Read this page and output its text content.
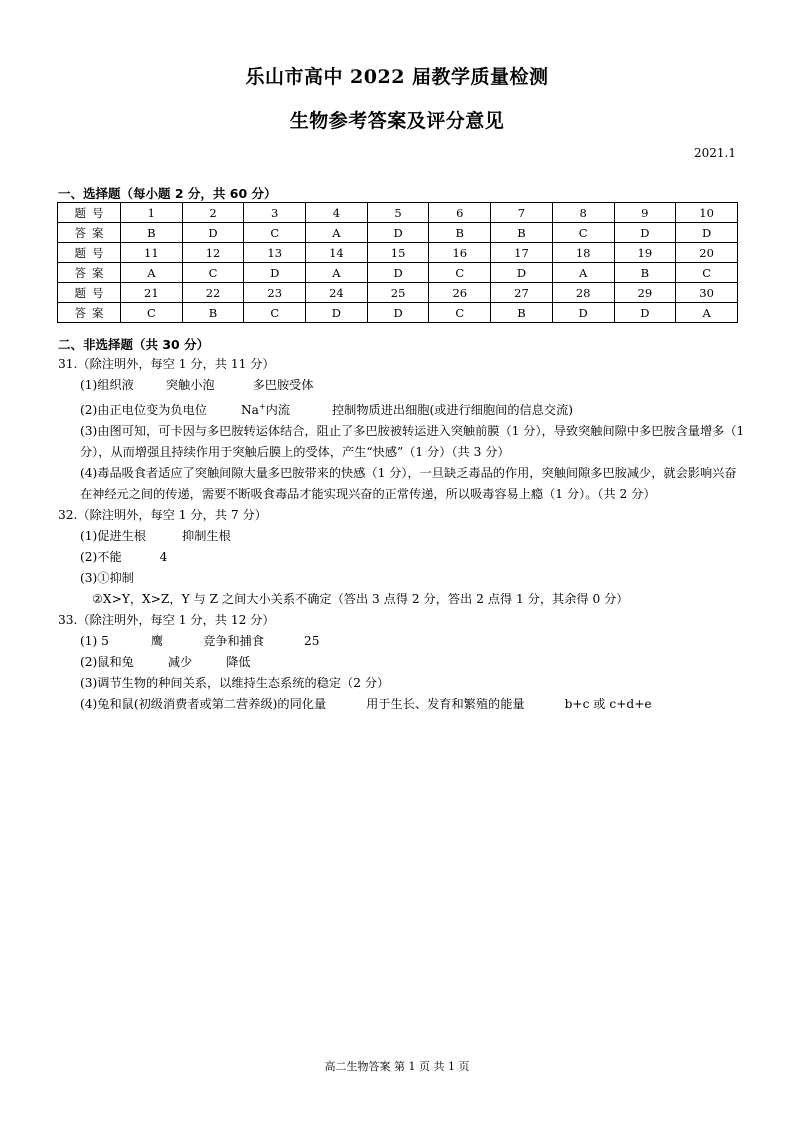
乐山市高中 2022 届教学质量检测
生物参考答案及评分意见
2021.1
一、选择题（每小题 2 分，共 60 分）
题号	1	2	3	4	5	6	7	8	9	10
答案	B	D	C	A	D	B	B	C	D	D
题号	11	12	13	14	15	16	17	18	19	20
答案	A	C	D	A	D	C	D	A	B	C
题号	21	22	23	24	25	26	27	28	29	30
答案	C	B	C	D	D	C	B	D	D	A
二、非选择题（共 30 分）
31.（除注明外，每空 1 分，共 11 分）
(1)组织液	突触小泡	多巴胺受体
(2)由正电位变为负电位	Na+内流	控制物质进出细胞(或进行细胞间的信息交流)
(3)由图可知，可卡因与多巴胺转运体结合，阻止了多巴胺被转运进入突触前膜（1 分），导致突触间隙中多巴胺含量增多（1 分），从而增强且持续作用于突触后膜上的受体，产生“快感”（1 分）（共 3 分）
(4)毒品吸食者适应了突触间隙大量多巴胺带来的快感（1 分），一旦缺乏毒品的作用，突触间隙多巴胺减少，就会影响兴奋在神经元之间的传递，需要不断吸食毒品才能实现兴奋的正常传递，所以吸毒容易上瘾（1 分）。（共 2 分）
32.（除注明外，每空 1 分，共 7 分）
(1)促进生根	抑制生根
(2)不能	4
(3)①抑制
②X>Y，X>Z，Y 与 Z 之间大小关系不确定（答出 3 点得 2 分，答出 2 点得 1 分，其余得 0 分）
33.（除注明外，每空 1 分，共 12 分）
(1) 5	鹰	竞争和捕食	25
(2)鼠和兔	减少	降低
(3)调节生物的种间关系，以维持生态系统的稳定（2 分）
(4)兔和鼠(初级消费者或第二营养级)的同化量	用于生长、发育和繁殖的能量	b+c 或 c+d+e
高二生物答案 第 1 页 共 1 页
